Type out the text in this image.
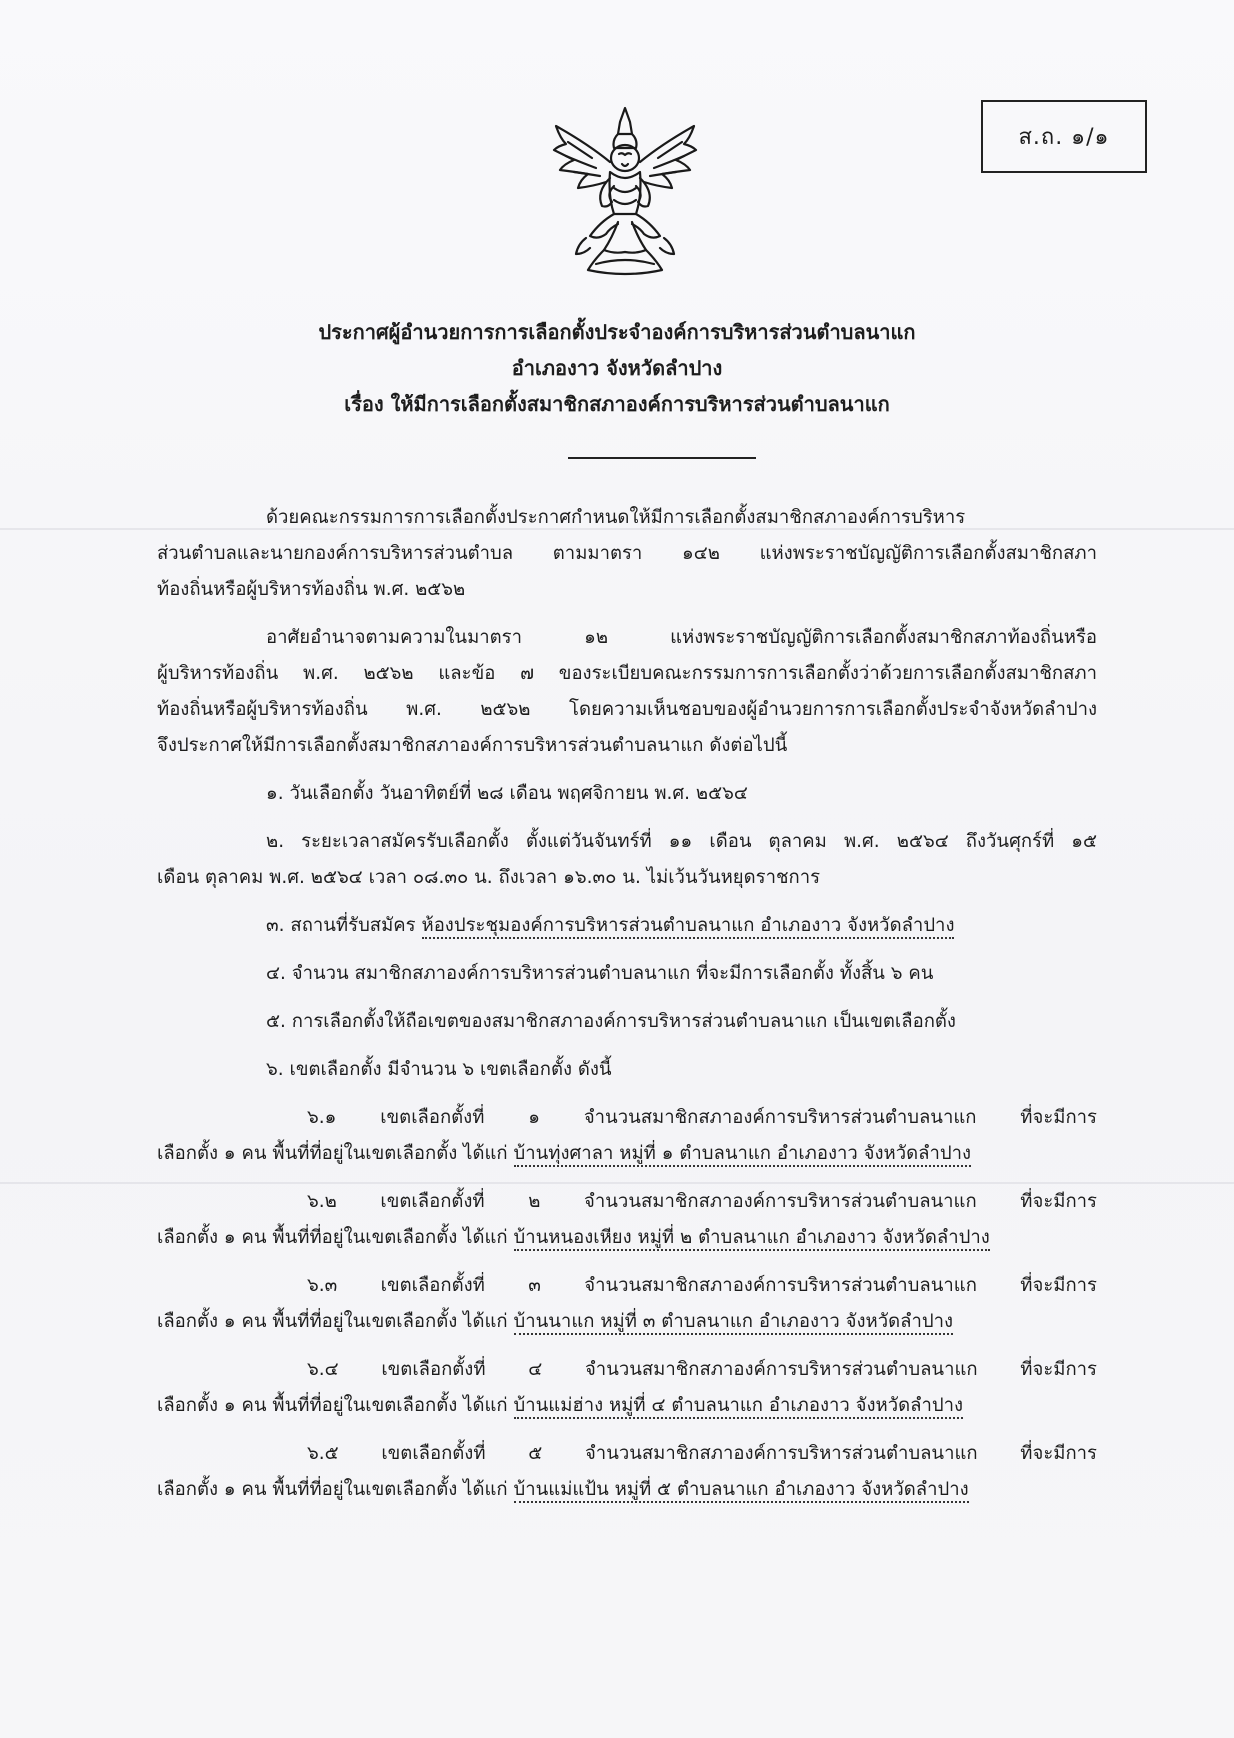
ส.ถ. ๑/๑
ประกาศผู้อำนวยการการเลือกตั้งประจำองค์การบริหารส่วนตำบลนาแก
อำเภองาว จังหวัดลำปาง
เรื่อง ให้มีการเลือกตั้งสมาชิกสภาองค์การบริหารส่วนตำบลนาแก
ด้วยคณะกรรมการการเลือกตั้งประกาศกำหนดให้มีการเลือกตั้งสมาชิกสภาองค์การบริหาร
ส่วนตำบลและนายกองค์การบริหารส่วนตำบล ตามมาตรา ๑๔๒ แห่งพระราชบัญญัติการเลือกตั้งสมาชิกสภา
ท้องถิ่นหรือผู้บริหารท้องถิ่น พ.ศ. ๒๕๖๒
อาศัยอำนาจตามความในมาตรา ๑๒ แห่งพระราชบัญญัติการเลือกตั้งสมาชิกสภาท้องถิ่นหรือ
ผู้บริหารท้องถิ่น พ.ศ. ๒๕๖๒ และข้อ ๗ ของระเบียบคณะกรรมการการเลือกตั้งว่าด้วยการเลือกตั้งสมาชิกสภา
ท้องถิ่นหรือผู้บริหารท้องถิ่น พ.ศ. ๒๕๖๒ โดยความเห็นชอบของผู้อำนวยการการเลือกตั้งประจำจังหวัดลำปาง
จึงประกาศให้มีการเลือกตั้งสมาชิกสภาองค์การบริหารส่วนตำบลนาแก ดังต่อไปนี้
๑. วันเลือกตั้ง วันอาทิตย์ที่ ๒๘ เดือน พฤศจิกายน พ.ศ. ๒๕๖๔
๒. ระยะเวลาสมัครรับเลือกตั้ง ตั้งแต่วันจันทร์ที่ ๑๑ เดือน ตุลาคม พ.ศ. ๒๕๖๔ ถึงวันศุกร์ที่ ๑๕
เดือน ตุลาคม พ.ศ. ๒๕๖๔ เวลา ๐๘.๓๐ น. ถึงเวลา ๑๖.๓๐ น. ไม่เว้นวันหยุดราชการ
๓. สถานที่รับสมัคร ห้องประชุมองค์การบริหารส่วนตำบลนาแก อำเภองาว จังหวัดลำปาง
๔. จำนวน สมาชิกสภาองค์การบริหารส่วนตำบลนาแก ที่จะมีการเลือกตั้ง ทั้งสิ้น ๖ คน
๕. การเลือกตั้งให้ถือเขตของสมาชิกสภาองค์การบริหารส่วนตำบลนาแก เป็นเขตเลือกตั้ง
๖. เขตเลือกตั้ง มีจำนวน ๖ เขตเลือกตั้ง ดังนี้
๖.๑ เขตเลือกตั้งที่ ๑ จำนวนสมาชิกสภาองค์การบริหารส่วนตำบลนาแก ที่จะมีการ
เลือกตั้ง ๑ คน พื้นที่ที่อยู่ในเขตเลือกตั้ง ได้แก่ บ้านทุ่งศาลา หมู่ที่ ๑ ตำบลนาแก อำเภองาว จังหวัดลำปาง
๖.๒ เขตเลือกตั้งที่ ๒ จำนวนสมาชิกสภาองค์การบริหารส่วนตำบลนาแก ที่จะมีการ
เลือกตั้ง ๑ คน พื้นที่ที่อยู่ในเขตเลือกตั้ง ได้แก่ บ้านหนองเหียง หมู่ที่ ๒ ตำบลนาแก อำเภองาว จังหวัดลำปาง
๖.๓ เขตเลือกตั้งที่ ๓ จำนวนสมาชิกสภาองค์การบริหารส่วนตำบลนาแก ที่จะมีการ
เลือกตั้ง ๑ คน พื้นที่ที่อยู่ในเขตเลือกตั้ง ได้แก่ บ้านนาแก หมู่ที่ ๓ ตำบลนาแก อำเภองาว จังหวัดลำปาง
๖.๔ เขตเลือกตั้งที่ ๔ จำนวนสมาชิกสภาองค์การบริหารส่วนตำบลนาแก ที่จะมีการ
เลือกตั้ง ๑ คน พื้นที่ที่อยู่ในเขตเลือกตั้ง ได้แก่ บ้านแม่ฮ่าง หมู่ที่ ๔ ตำบลนาแก อำเภองาว จังหวัดลำปาง
๖.๕ เขตเลือกตั้งที่ ๕ จำนวนสมาชิกสภาองค์การบริหารส่วนตำบลนาแก ที่จะมีการ
เลือกตั้ง ๑ คน พื้นที่ที่อยู่ในเขตเลือกตั้ง ได้แก่ บ้านแม่แป้น หมู่ที่ ๕ ตำบลนาแก อำเภองาว จังหวัดลำปาง
